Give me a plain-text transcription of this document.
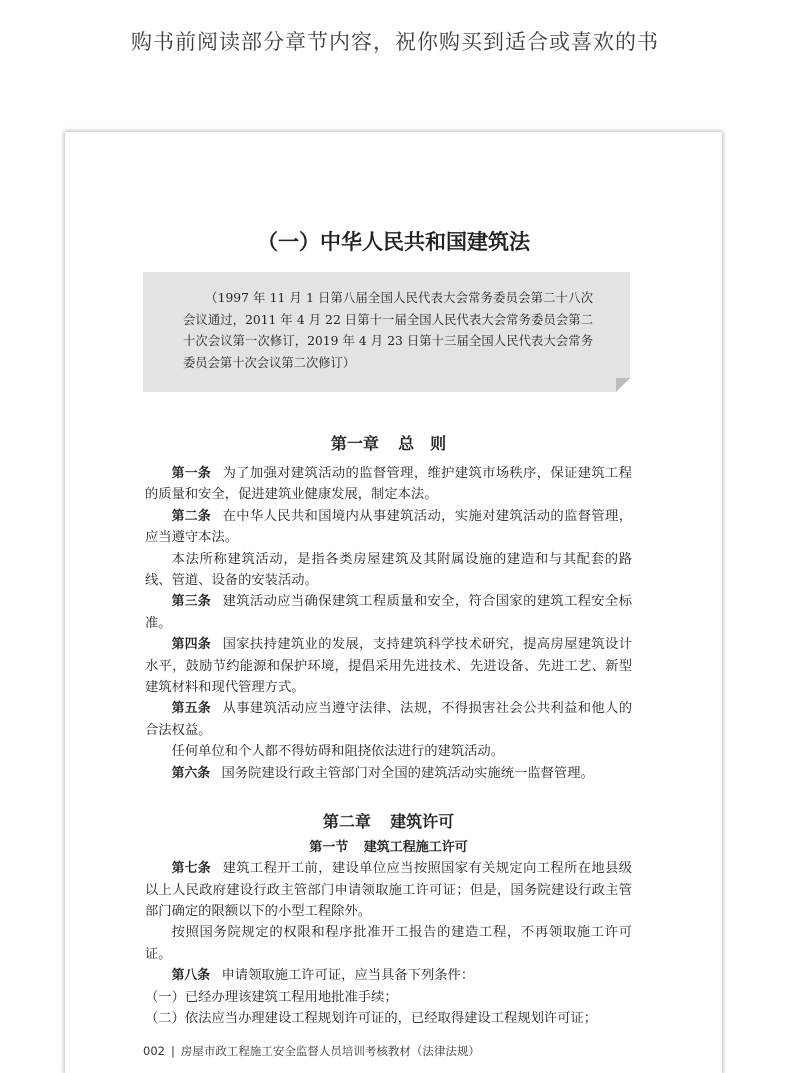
购书前阅读部分章节内容，祝你购买到适合或喜欢的书
（一）中华人民共和国建筑法

（1997 年 11 月 1 日第八届全国人民代表大会常务委员会第二十八次会议通过，2011 年 4 月 22 日第十一届全国人民代表大会常务委员会第二十次会议第一次修订，2019 年 4 月 23 日第十三届全国人民代表大会常务委员会第十次会议第二次修订）

第一章 总　则

第一条 为了加强对建筑活动的监督管理，维护建筑市场秩序，保证建筑工程的质量和安全，促进建筑业健康发展，制定本法。

第二条 在中华人民共和国境内从事建筑活动，实施对建筑活动的监督管理，应当遵守本法。

本法所称建筑活动，是指各类房屋建筑及其附属设施的建造和与其配套的路线、管道、设备的安装活动。

第三条 建筑活动应当确保建筑工程质量和安全，符合国家的建筑工程安全标准。

第四条 国家扶持建筑业的发展，支持建筑科学技术研究，提高房屋建筑设计水平，鼓励节约能源和保护环境，提倡采用先进技术、先进设备、先进工艺、新型建筑材料和现代管理方式。

第五条 从事建筑活动应当遵守法律、法规，不得损害社会公共利益和他人的合法权益。

任何单位和个人都不得妨碍和阻挠依法进行的建筑活动。

第六条 国务院建设行政主管部门对全国的建筑活动实施统一监督管理。

第二章 建筑许可
第一节 建筑工程施工许可

第七条 建筑工程开工前，建设单位应当按照国家有关规定向工程所在地县级以上人民政府建设行政主管部门申请领取施工许可证；但是，国务院建设行政主管部门确定的限额以下的小型工程除外。

按照国务院规定的权限和程序批准开工报告的建造工程，不再领取施工许可证。

第八条 申请领取施工许可证，应当具备下列条件：

（一）已经办理该建筑工程用地批准手续；

（二）依法应当办理建设工程规划许可证的，已经取得建设工程规划许可证；

002 | 房屋市政工程施工安全监督人员培训考核教材（法律法规）
